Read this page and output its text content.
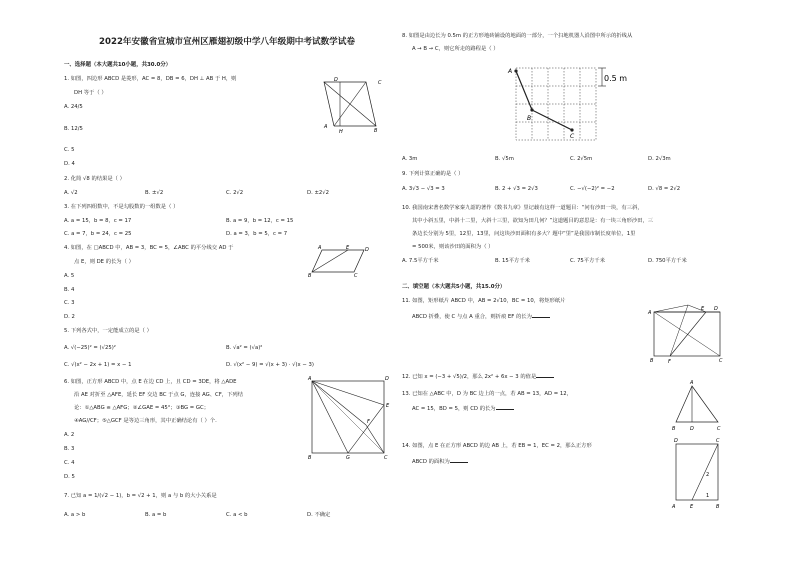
2022年安徽省宣城市宣州区雁翅初级中学八年级期中考试数学试卷
一、选择题（本大题共10小题，共30.0分）
1. 如图，四边形 ABCD 是菱形，AC = 8，DB = 6，DH ⊥ AB 于 H，则
DH 等于（ ）
A. 24/5
B. 12/5
C. 5
D. 4
D
A
H	B
C
2. 化简 √8 的结果是（ ）
A. √2	B. ±√2	C. 2√2	D. ±2√2
3. 在下列四组数中，不是勾股数的一组数是（ ）
A. a = 15，b = 8，c = 17	B. a = 9，b = 12，c = 15
C. a = 7，b = 24，c = 25	D. a = 3，b = 5，c = 7
4. 如图，在 □ABCD 中，AB = 3，BC = 5，∠ABC 的平分线交 AD 于
点 E，则 DE 的长为（ ）
A. 5
B. 4
C. 3
D. 2
A	E	D
B	C
5. 下列各式中，一定能成立的是（ ）
A. √(−25)² = (√25)²	B. √a² = (√a)²
C. √(x² − 2x + 1) = x − 1	D. √(x² − 9) = √(x + 3) · √(x − 3)
6. 如图，正方形 ABCD 中，点 E 在边 CD 上，且 CD = 3DE，将 △ADE
沿 AE 对折至 △AFE，延长 EF 交边 BC 于点 G，连接 AG、CF，下列结
论：①△ABG ≌ △AFG；②∠GAE = 45°；③BG = GC；
④AG//CF；⑤△GCF 是等边三角形，其中正确结论有（ ）个.
A. 2
B. 3
C. 4
D. 5
A	D
E
F
B	G	C
7. 已知 a = 1/(√2 − 1)，b = √2 + 1，则 a 与 b 的大小关系是
A. a > b	B. a = b	C. a < b	D. 不确定
8. 如图是由边长为 0.5m 的正方形地砖铺设的地面的一部分，一个扫地机器人沿图中所示的折线从
A → B → C，则它所走的路程是（ ）
A
B
C
0.5 m
A. 3m	B. √5m	C. 2√5m	D. 2√3m
9. 下列计算正确的是（ ）
A. 3√3 − √3 = 3	B. 2 + √3 = 2√3	C. −√(−2)² = −2	D. √8 = 2√2
10. 我国南宋著名数学家秦九韶的著作《数书九章》里记载有这样一道题目：“问有沙田一块，有三斜，
其中小斜五里，中斜十二里，大斜十三里，欲知为田几何？”这道题目的意思是：有一块三角形沙田，三
条边长分别为 5里，12里，13里，问这块沙田面积有多大？题中“里”是我国市制长度单位，1里
= 500米，则该沙田的面积为（ ）
A. 7.5平方千米	B. 15平方千米	C. 75平方千米	D. 750平方千米
二、填空题（本大题共5小题，共15.0分）
11. 如图，矩形纸片 ABCD 中，AB = 2√10，BC = 10，将矩形纸片
ABCD 折叠，使 C 与点 A 重合，则折痕 EF 的长为
A
E D
B	F	C
12. 已知 x = (−3 + √5)/2，那么 2x² + 6x − 3 的值是
13. 已知在 △ABC 中，D 为 BC 边上的一点，若 AB = 13，AD = 12，
AC = 15，BD = 5，则 CD 的长为
A
B	D	C
14. 如图，点 E 在正方形 ABCD 的边 AB 上，若 EB = 1，EC = 2，那么正方形
ABCD 的面积为
D	C
A	E	B
2
1
